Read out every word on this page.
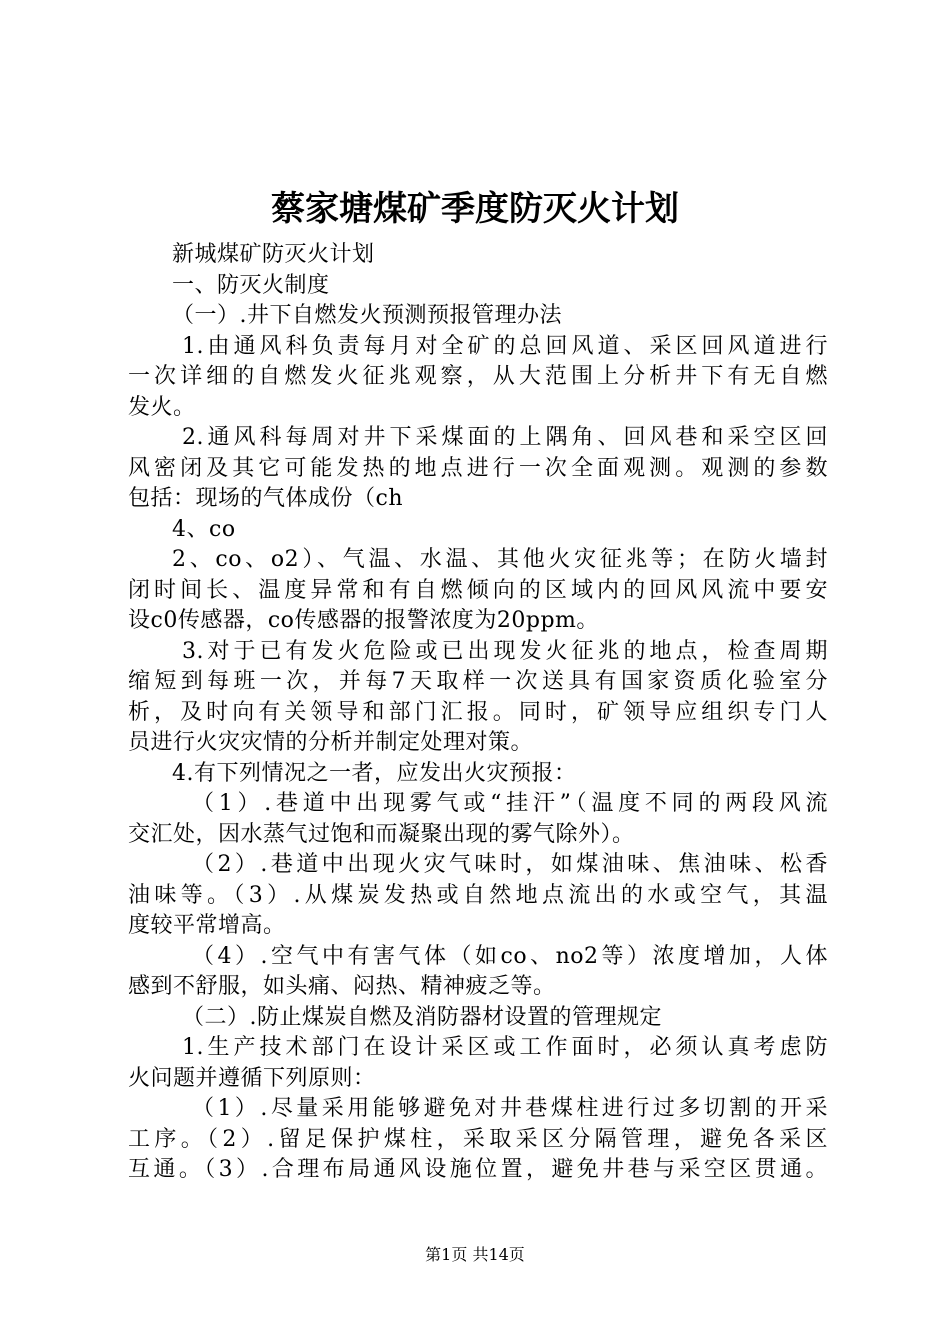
蔡家塘煤矿季度防灭火计划
新城煤矿防灭火计划
一、防灭火制度
（一）.井下自燃发火预测预报管理办法
1.由通风科负责每月对全矿的总回风道、采区回风道进行
一次详细的自燃发火征兆观察，从大范围上分析井下有无自燃
发火。
2.通风科每周对井下采煤面的上隅角、回风巷和采空区回
风密闭及其它可能发热的地点进行一次全面观测。观测的参数
包括：现场的气体成份（ch
4、co
2、co、o2）、气温、水温、其他火灾征兆等；在防火墙封
闭时间长、温度异常和有自燃倾向的区域内的回风风流中要安
设c0传感器，co传感器的报警浓度为20ppm。
3.对于已有发火危险或已出现发火征兆的地点，检查周期
缩短到每班一次，并每7天取样一次送具有国家资质化验室分
析，及时向有关领导和部门汇报。同时，矿领导应组织专门人
员进行火灾灾情的分析并制定处理对策。
4.有下列情况之一者，应发出火灾预报：
（1）.巷道中出现雾气或“挂汗”（温度不同的两段风流
交汇处，因水蒸气过饱和而凝聚出现的雾气除外）。
（2）.巷道中出现火灾气味时，如煤油味、焦油味、松香
油味等。（3）.从煤炭发热或自然地点流出的水或空气，其温
度较平常增高。
（4）.空气中有害气体（如co、no2等）浓度增加，人体
感到不舒服，如头痛、闷热、精神疲乏等。
（二）.防止煤炭自燃及消防器材设置的管理规定
1.生产技术部门在设计采区或工作面时，必须认真考虑防
火问题并遵循下列原则：
（1）.尽量采用能够避免对井巷煤柱进行过多切割的开采
工序。（2）.留足保护煤柱，采取采区分隔管理，避免各采区
互通。（3）.合理布局通风设施位置，避免井巷与采空区贯通。
第1页 共14页
